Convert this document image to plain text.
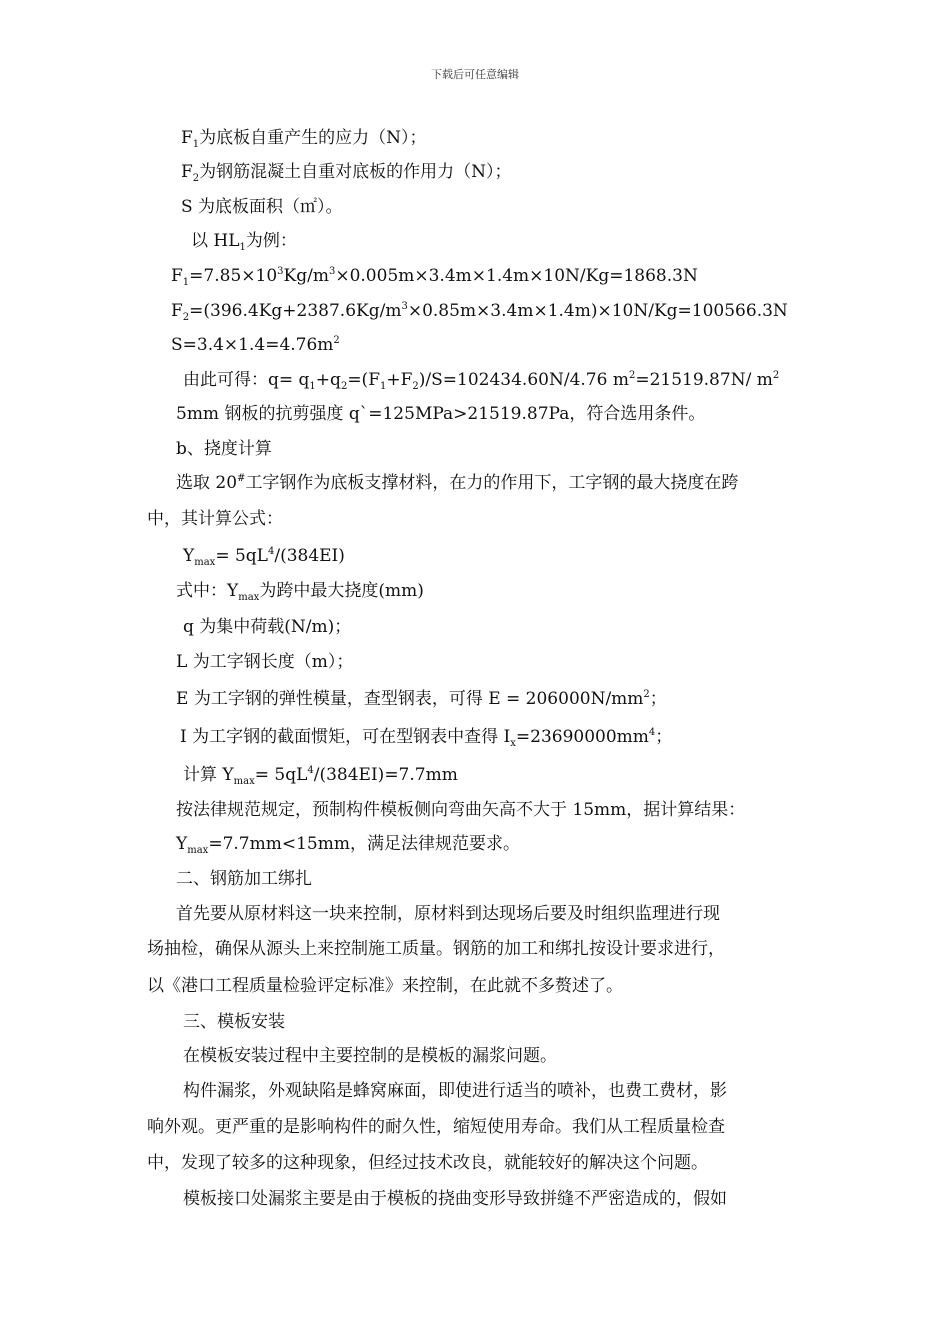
下载后可任意编辑
$F_1$为底板自重产生的应力（N）；
$F_2$为钢筋混凝土自重对底板的作用力（N）；
S 为底板面积（㎡）。
以 $HL_1$为例：
$F_1=7.85\times 10^3Kg/m^3\times 0.005m\times 3.4m\times 1.4m\times 10N/Kg=1868.3N$
$F_2=(396.4Kg+2387.6Kg/m^3\times 0.85m\times 3.4m\times 1.4m)\times 10N/Kg=100566.3N$
$S=3.4\times 1.4=4.76m^2$
由此可得：$q= q_1+q_2=(F_1+F_2)/S=102434.60N/4.76$ $m^2=21519.87N/$ $m^2$
5mm 钢板的抗剪强度 q`=125MPa>21519.87Pa，符合选用条件。
b、挠度计算
选取 20#工字钢作为底板支撑材料，在力的作用下，工字钢的最大挠度在跨
中，其计算公式：
$Y_{max}= 5qL^4/(384EI)$
式中：$Y_{max}$为跨中最大挠度(mm)
q 为集中荷载(N/m)；
L 为工字钢长度（m）；
E 为工字钢的弹性模量，查型钢表，可得 $E = 206000N/mm^2$；
I 为工字钢的截面惯矩，可在型钢表中查得 $I_x=23690000mm^4$；
计算 $Y_{max}= 5qL^4/(384EI)=7.7mm$
按法律规范规定，预制构件模板侧向弯曲矢高不大于 15mm，据计算结果：
$Y_{max}=7.7mm<15mm$，满足法律规范要求。
二、钢筋加工绑扎
首先要从原材料这一块来控制，原材料到达现场后要及时组织监理进行现
场抽检，确保从源头上来控制施工质量。钢筋的加工和绑扎按设计要求进行，
以《港口工程质量检验评定标准》来控制，在此就不多赘述了。
三、模板安装
在模板安装过程中主要控制的是模板的漏浆问题。
构件漏浆，外观缺陷是蜂窝麻面，即使进行适当的喷补，也费工费材，影
响外观。更严重的是影响构件的耐久性，缩短使用寿命。我们从工程质量检查
中，发现了较多的这种现象，但经过技术改良，就能较好的解决这个问题。
模板接口处漏浆主要是由于模板的挠曲变形导致拼缝不严密造成的，假如
